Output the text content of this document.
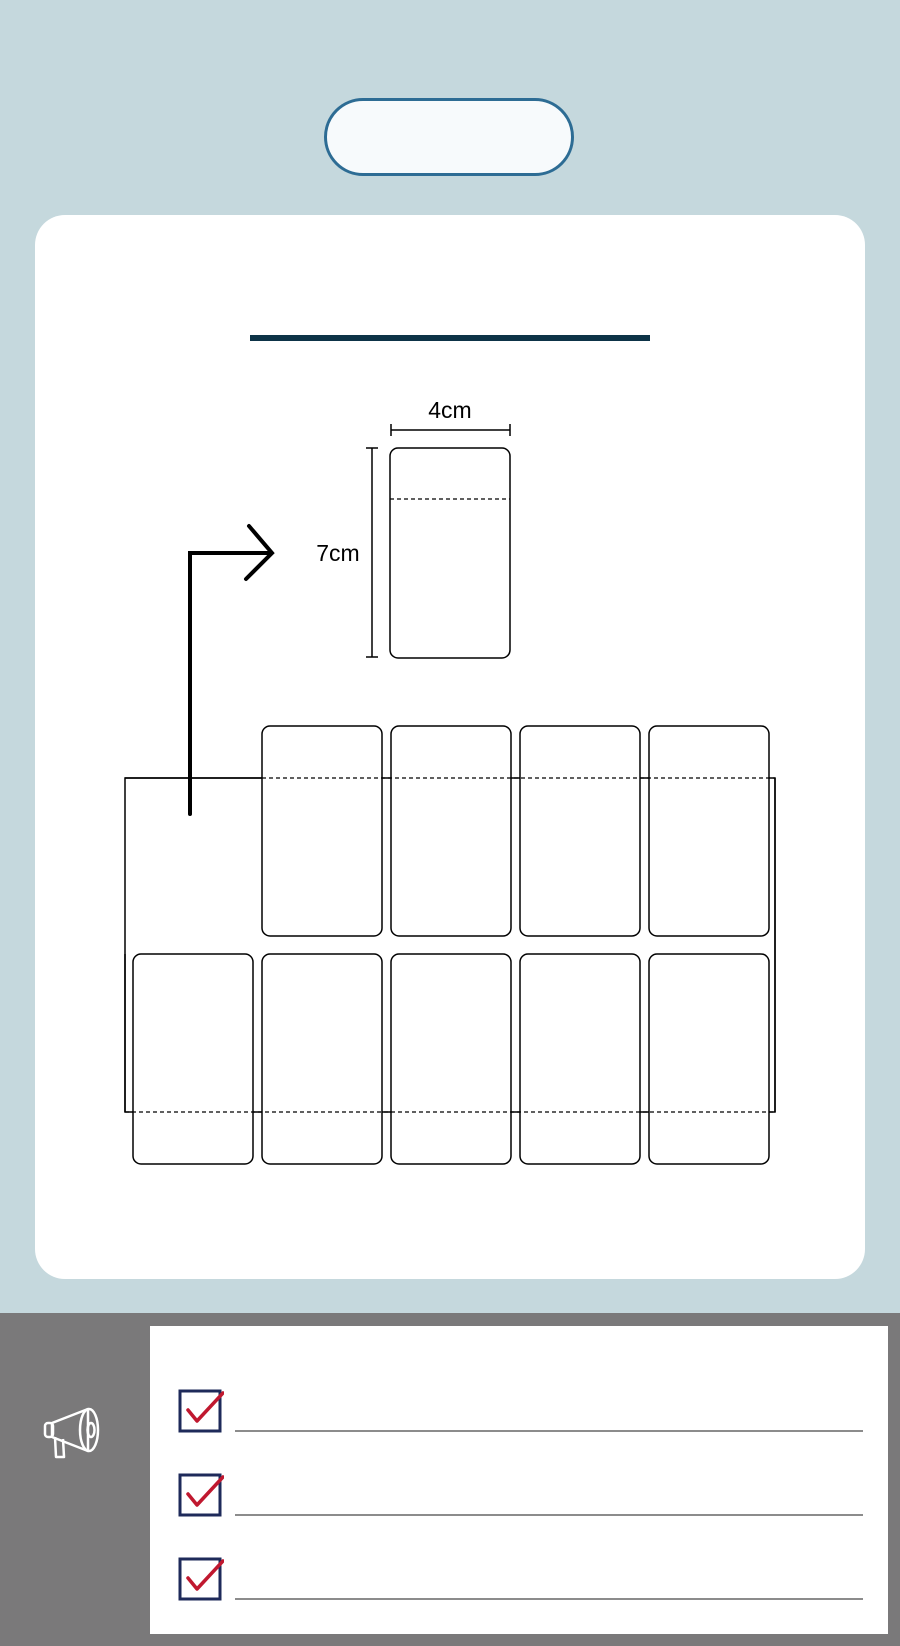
4cm
7cm
